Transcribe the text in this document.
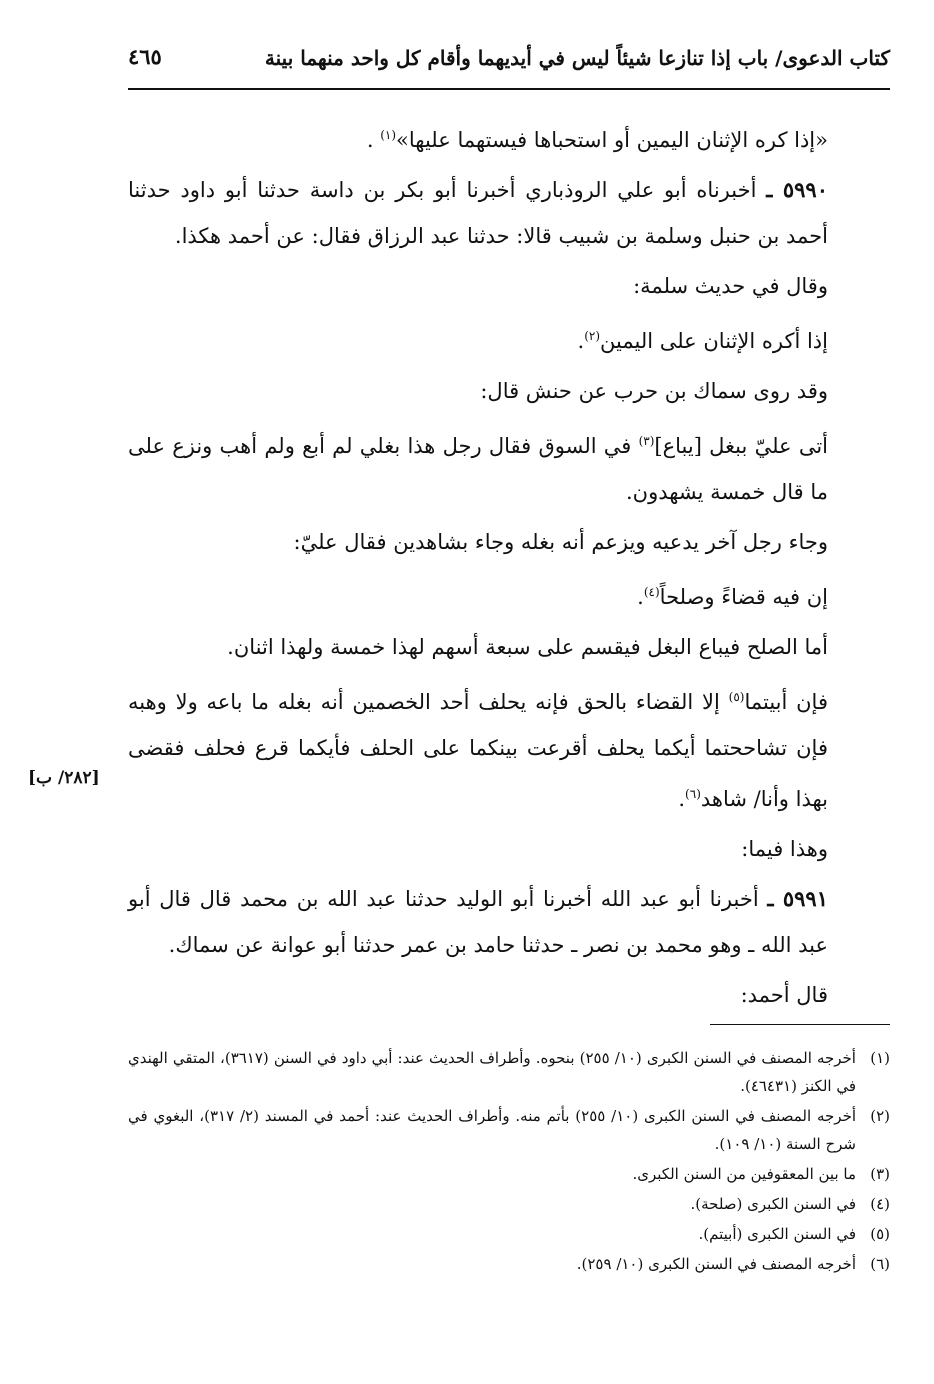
كتاب الدعوى/ باب إذا تنازعا شيئاً ليس في أيديهما وأقام كل واحد منهما بينة
٤٦٥

«إذا كره الإثنان اليمين أو استحباها فيستهما عليها»$^{(١)}$ .

٥٩٩٠ ـ أخبرناه أبو علي الروذباري أخبرنا أبو بكر بن داسة حدثنا أبو داود حدثنا أحمد بن حنبل وسلمة بن شبيب قالا: حدثنا عبد الرزاق فقال: عن أحمد هكذا.

وقال في حديث سلمة:

إذا أكره الإثنان على اليمين$^{(٢)}$.

وقد روى سماك بن حرب عن حنش قال:

أتى عليّ ببغل [يباع]$^{(٣)}$ في السوق فقال رجل هذا بغلي لم أبع ولم أهب ونزع على ما قال خمسة يشهدون.

وجاء رجل آخر يدعيه ويزعم أنه بغله وجاء بشاهدين فقال عليّ:

إن فيه قضاءً وصلحاً$^{(٤)}$.

أما الصلح فيباع البغل فيقسم على سبعة أسهم لهذا خمسة ولهذا اثنان.

فإن أبيتما$^{(٥)}$ إلا القضاء بالحق فإنه يحلف أحد الخصمين أنه بغله ما باعه ولا وهبه فإن تشاححتما أيكما يحلف أقرعت بينكما على الحلف فأيكما قرع فحلف فقضى بهذا وأنا/ شاهد$^{(٦)}$.

وهذا فيما:

٥٩٩١ ـ أخبرنا أبو عبد الله أخبرنا أبو الوليد حدثنا عبد الله بن محمد قال قال أبو عبد الله ـ وهو محمد بن نصر ـ حدثنا حامد بن عمر حدثنا أبو عوانة عن سماك.

قال أحمد:

[٢٨٢/ ب]
(١)
أخرجه المصنف في السنن الكبرى (١٠/ ٢٥٥) بنحوه. وأطراف الحديث عند: أبي داود في السنن (٣٦١٧)، المتقي الهندي في الكنز (٤٦٤٣١).
(٢)
أخرجه المصنف في السنن الكبرى (١٠/ ٢٥٥) بأتم منه. وأطراف الحديث عند: أحمد في المسند (٢/ ٣١٧)، البغوي في شرح السنة (١٠/ ١٠٩).
(٣)
ما بين المعقوفين من السنن الكبرى.
(٤)
في السنن الكبرى (صلحة).
(٥)
في السنن الكبرى (أبيتم).
(٦)
أخرجه المصنف في السنن الكبرى (١٠/ ٢٥٩).
